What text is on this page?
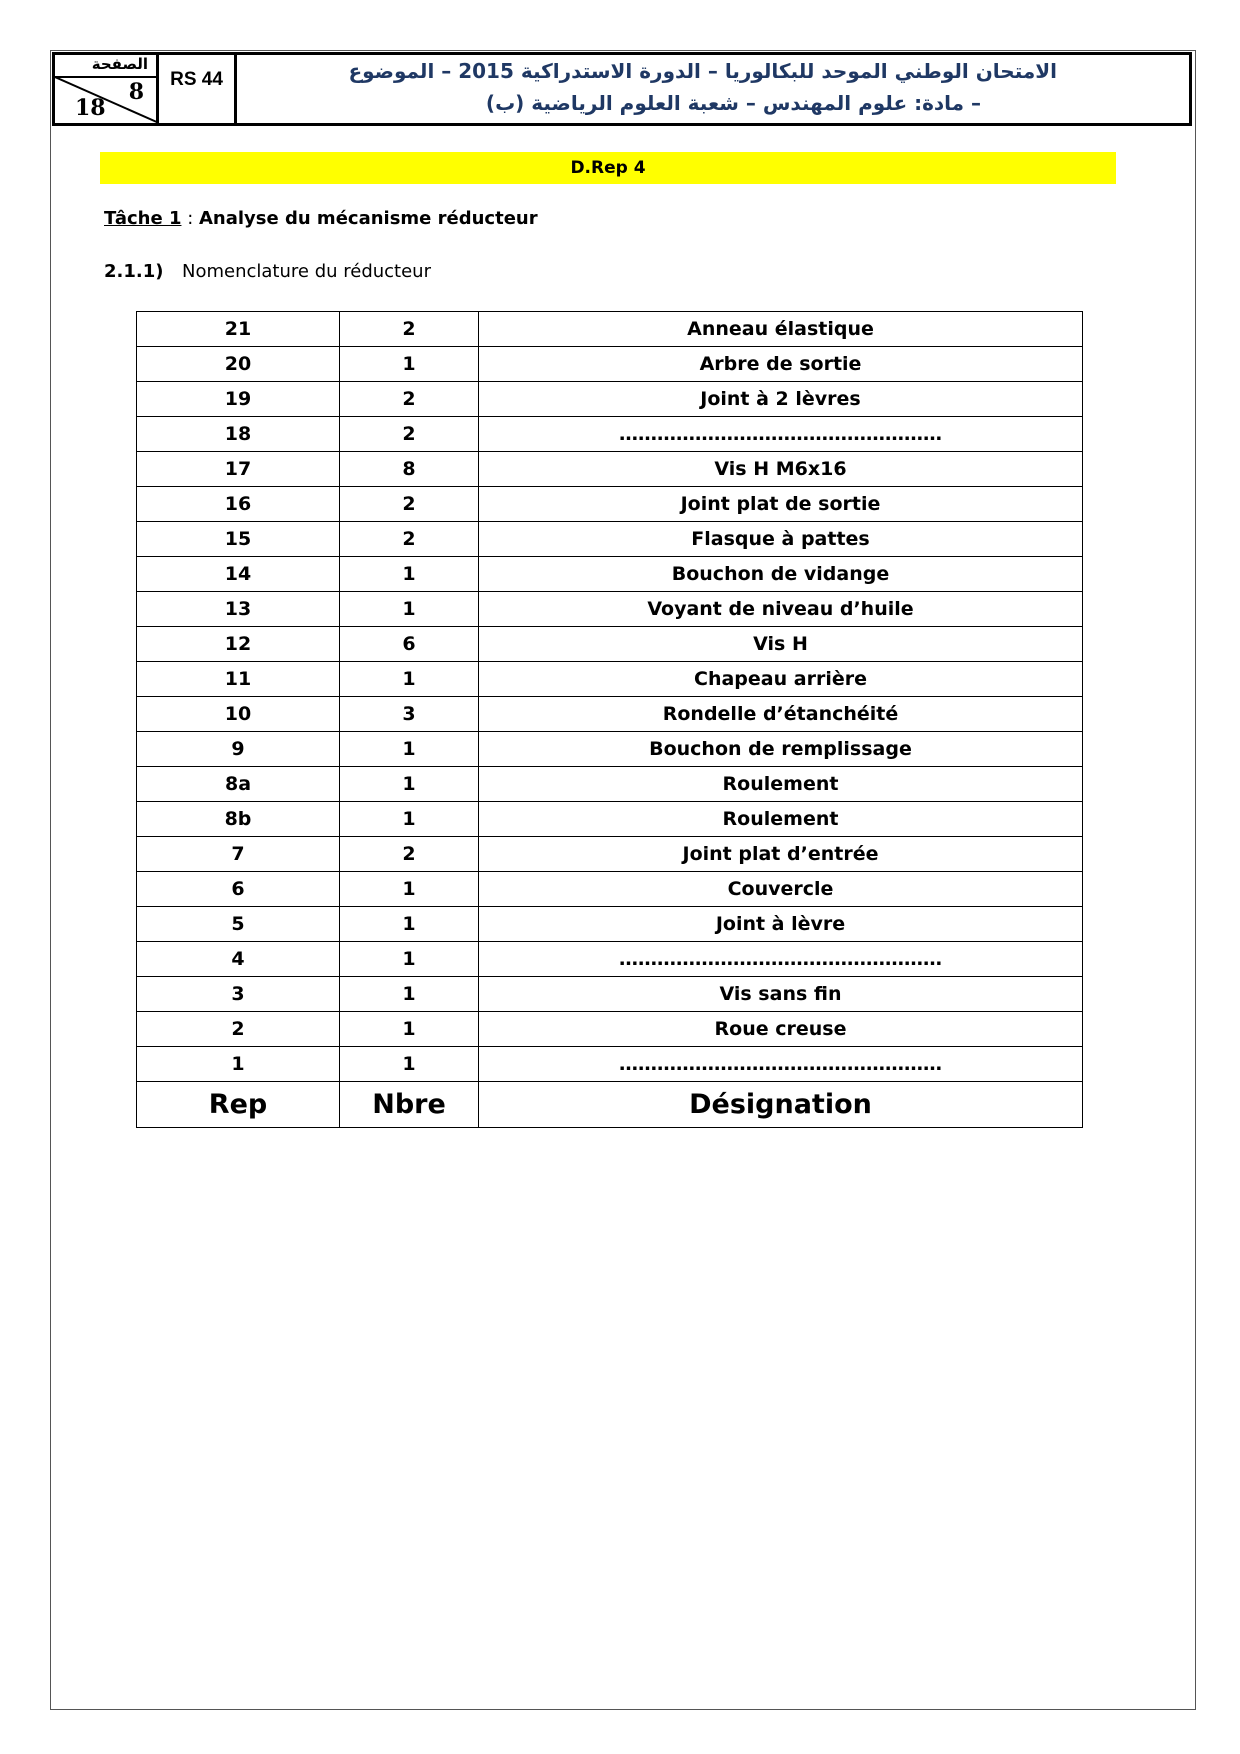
الصفحة
8
18
RS 44	الامتحان الوطني الموحد للبكالوريا – الدورة الاستدراكية 2015 – الموضوع
– مادة: علوم المهندس – شعبة العلوم الرياضية (ب)
D.Rep 4
Tâche 1 : Analyse du mécanisme réducteur
2.1.1) Nomenclature du réducteur
21	2	Anneau élastique
20	1	Arbre de sortie
19	2	Joint à 2 lèvres
18	2	……………………………………………
17	8	Vis H M6x16
16	2	Joint plat de sortie
15	2	Flasque à pattes
14	1	Bouchon de vidange
13	1	Voyant de niveau d’huile
12	6	Vis H
11	1	Chapeau arrière
10	3	Rondelle d’étanchéité
9	1	Bouchon de remplissage
8a	1	Roulement
8b	1	Roulement
7	2	Joint plat d’entrée
6	1	Couvercle
5	1	Joint à lèvre
4	1	……………………………………………
3	1	Vis sans fin
2	1	Roue creuse
1	1	……………………………………………
Rep	Nbre	Désignation
